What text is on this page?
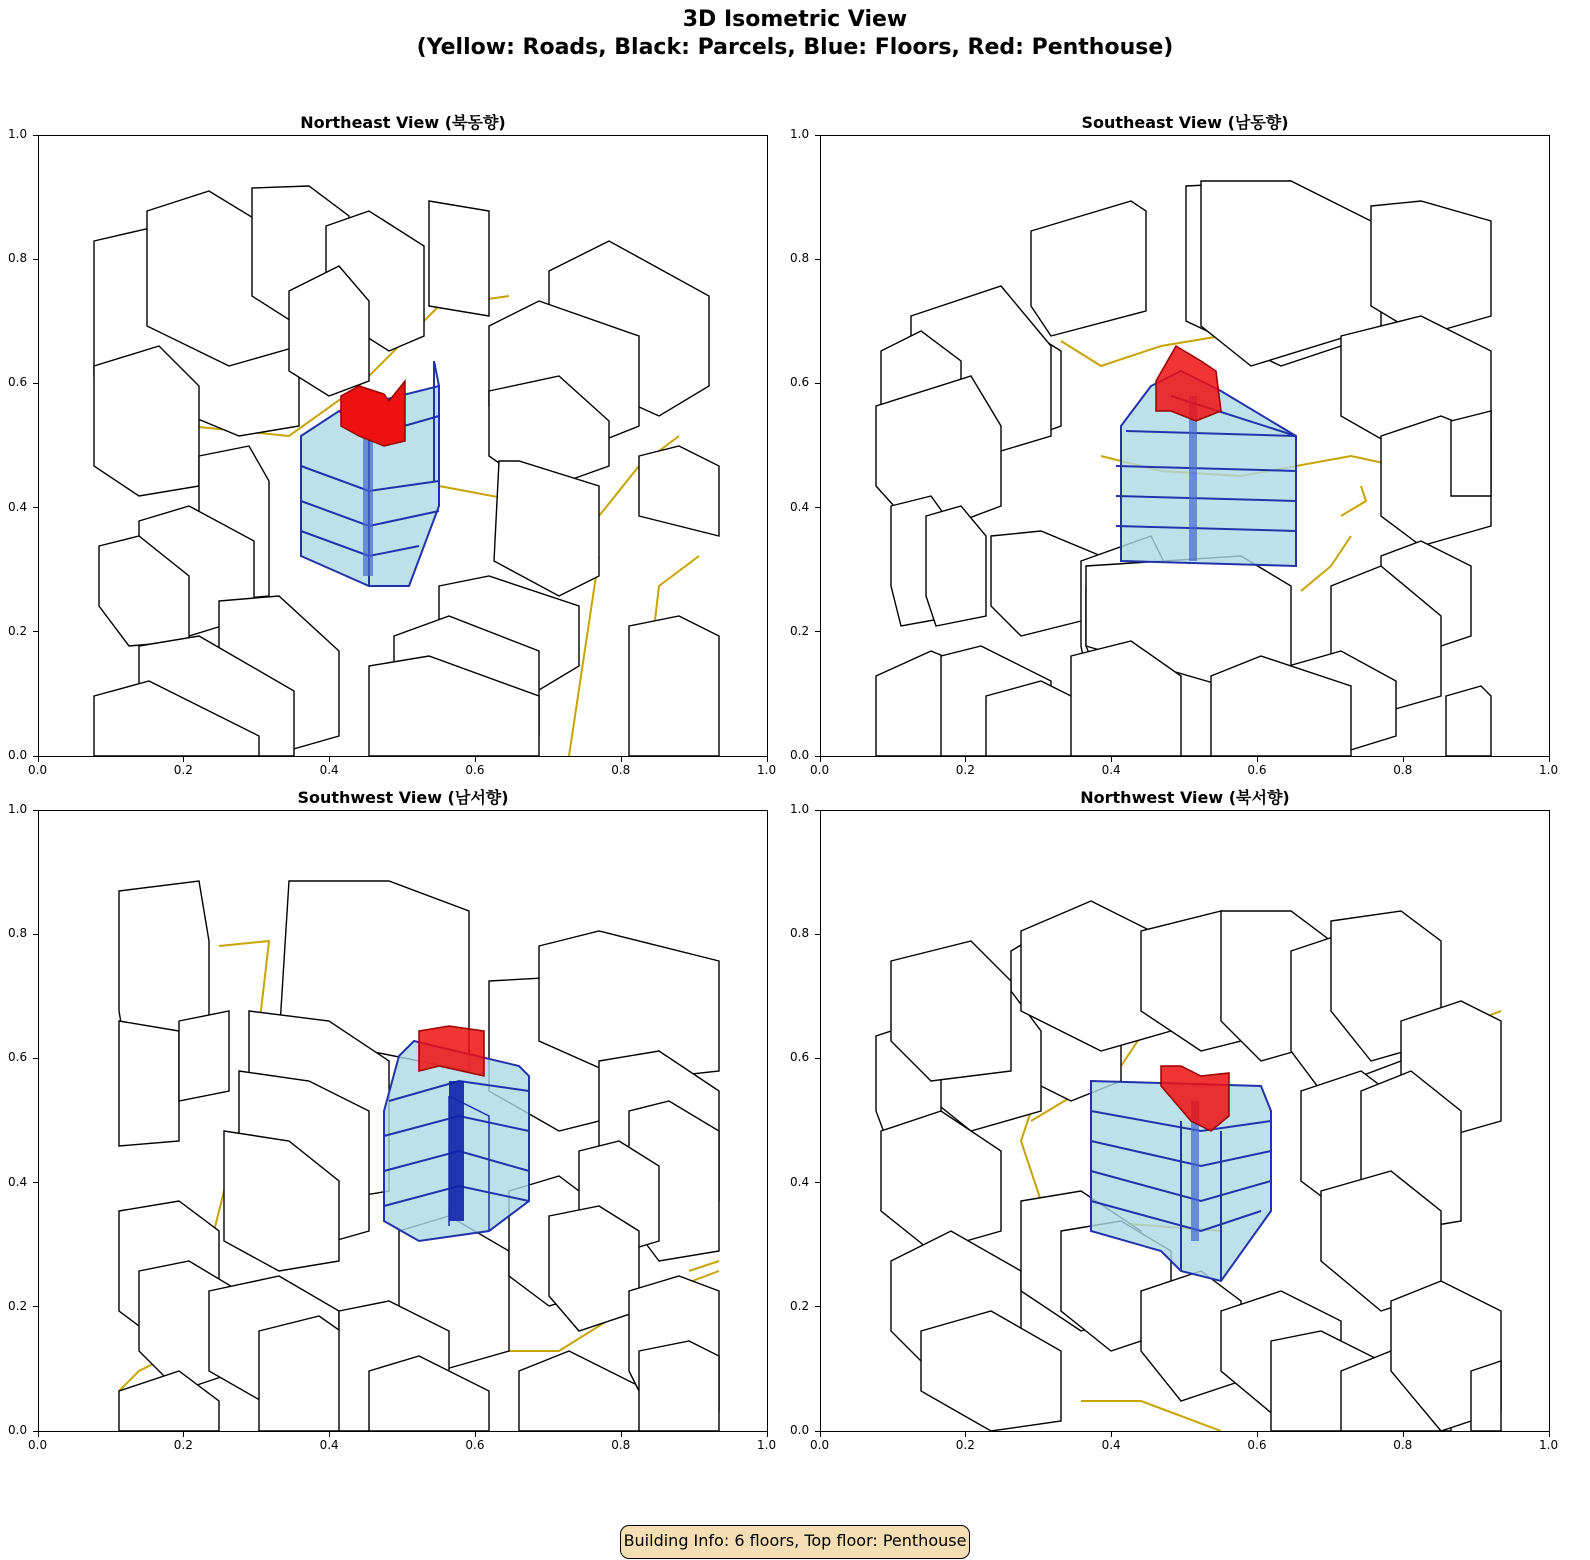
3D Isometric View
(Yellow: Roads, Black: Parcels, Blue: Floors, Red: Penthouse)
Northeast View (북동향)	Southeast View (남동향)
Southwest View (남서향)	Northwest View (북서향)
0.0
0.0
0.2
0.2
0.4
0.4
0.6
0.6
0.8
0.8
1.0
1.0
0.0
0.0
0.2
0.2
0.4
0.4
0.6
0.6
0.8
0.8
1.0
1.0
0.0
0.0
0.2
0.2
0.4
0.4
0.6
0.6
0.8
0.8
1.0
1.0
0.0
0.0
0.2
0.2
0.4
0.4
0.6
0.6
0.8
0.8
1.0
1.0
Building Info: 6 floors, Top floor: Penthouse
